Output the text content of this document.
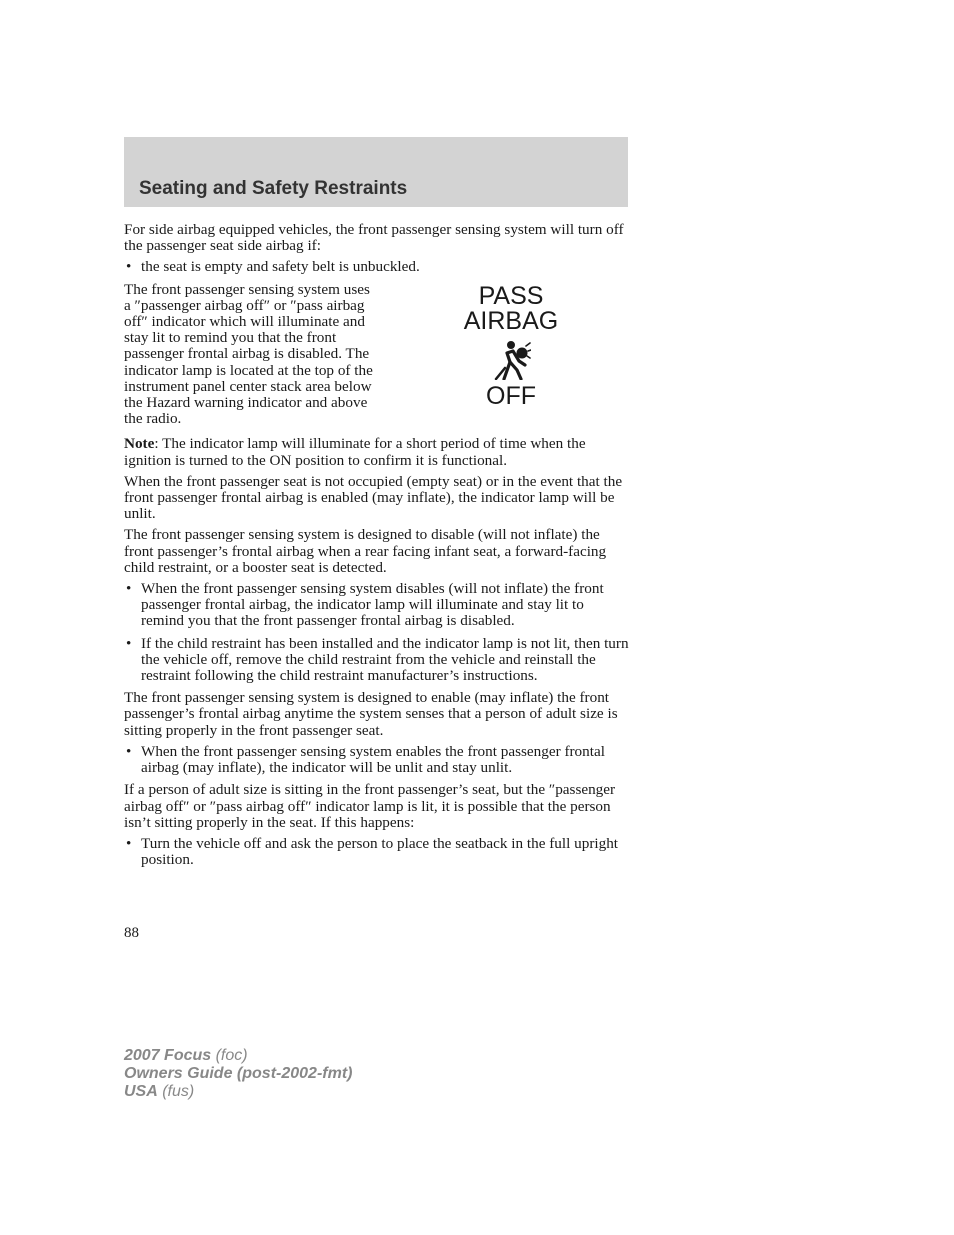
Seating and Safety Restraints

For side airbag equipped vehicles, the front passenger sensing system will turn off the passenger seat side airbag if:

• the seat is empty and safety belt is unbuckled.

The front passenger sensing system uses a ″passenger airbag off″ or ″pass airbag off″ indicator which will illuminate and stay lit to remind you that the front passenger frontal airbag is disabled. The indicator lamp is located at the top of the instrument panel center stack area below the Hazard warning indicator and above the radio.

PASS
AIRBAG
OFF

Note: The indicator lamp will illuminate for a short period of time when the ignition is turned to the ON position to confirm it is functional.

When the front passenger seat is not occupied (empty seat) or in the event that the front passenger frontal airbag is enabled (may inflate), the indicator lamp will be unlit.

The front passenger sensing system is designed to disable (will not inflate) the front passenger’s frontal airbag when a rear facing infant seat, a forward-facing child restraint, or a booster seat is detected.

• When the front passenger sensing system disables (will not inflate) the front passenger frontal airbag, the indicator lamp will illuminate and stay lit to remind you that the front passenger frontal airbag is disabled.
• If the child restraint has been installed and the indicator lamp is not lit, then turn the vehicle off, remove the child restraint from the vehicle and reinstall the restraint following the child restraint manufacturer’s instructions.

The front passenger sensing system is designed to enable (may inflate) the front passenger’s frontal airbag anytime the system senses that a person of adult size is sitting properly in the front passenger seat.

• When the front passenger sensing system enables the front passenger frontal airbag (may inflate), the indicator will be unlit and stay unlit.

If a person of adult size is sitting in the front passenger’s seat, but the ″passenger airbag off″ or ″pass airbag off″ indicator lamp is lit, it is possible that the person isn’t sitting properly in the seat. If this happens:

• Turn the vehicle off and ask the person to place the seatback in the full upright position.
88
2007 Focus (foc)
Owners Guide (post-2002-fmt)
USA (fus)
